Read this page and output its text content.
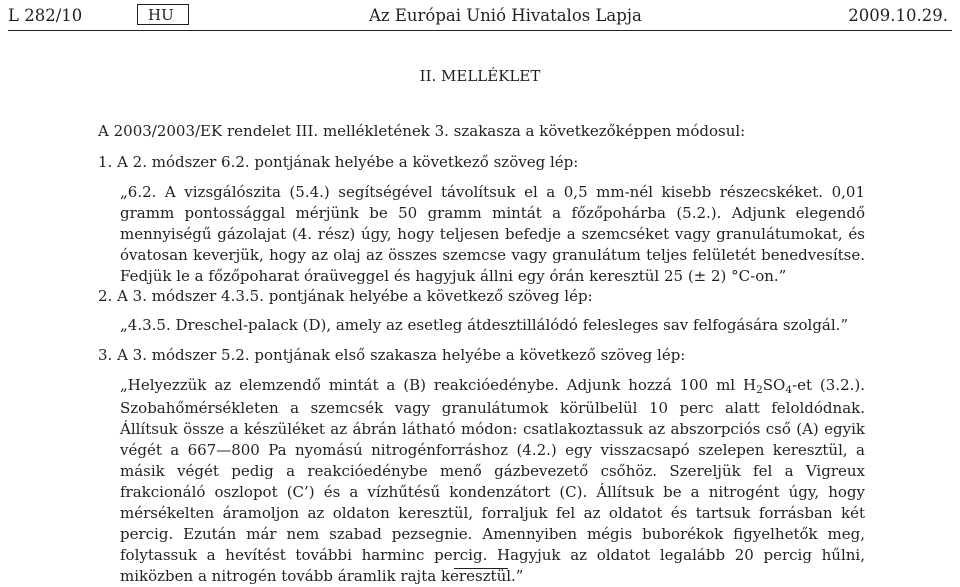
L 282/10	HU	Az Európai Unió Hivatalos Lapja	2009.10.29.
II. MELLÉKLET
A 2003/2003/EK rendelet III. mellékletének 3. szakasza a következőképpen módosul:
1. A 2. módszer 6.2. pontjának helyébe a következő szöveg lép:
„6.2. A vizsgálószita (5.4.) segítségével távolítsuk el a 0,5 mm-nél kisebb részecskéket. 0,01 gramm pontossággal mérjünk be 50 gramm mintát a főzőpohárba (5.2.). Adjunk elegendő mennyiségű gázolajat (4. rész) úgy, hogy teljesen befedje a szemcséket vagy granulátumokat, és óvatosan keverjük, hogy az olaj az összes szemcse vagy granulátum teljes felületét benedvesítse. Fedjük le a főzőpoharat óraüveggel és hagyjuk állni egy órán keresztül 25 (± 2) °C-on.”
2. A 3. módszer 4.3.5. pontjának helyébe a következő szöveg lép:
„4.3.5. Dreschel-palack (D), amely az esetleg átdesztillálódó felesleges sav felfogására szolgál.”
3. A 3. módszer 5.2. pontjának első szakasza helyébe a következő szöveg lép:
„Helyezzük az elemzendő mintát a (B) reakcióedénybe. Adjunk hozzá 100 ml $H_2SO_4-et$ (3.2.). Szobahőmérsékleten a szemcsék vagy granulátumok körülbelül 10 perc alatt feloldódnak. Állítsuk össze a készüléket az ábrán látható módon: csatlakoztassuk az abszorpciós cső (A) egyik végét a 667—800 Pa nyomású nitrogénforráshoz (4.2.) egy visszacsapó szelepen keresztül, a másik végét pedig a reakcióedénybe menő gázbevezető csőhöz. Szereljük fel a Vigreux frakcionáló oszlopot (C’) és a vízhűtésű kondenzátort (C). Állítsuk be a nitrogént úgy, hogy mérsékelten áramoljon az oldaton keresztül, forraljuk fel az oldatot és tartsuk forrásban két percig. Ezután már nem szabad pezsegnie. Amennyiben mégis buborékok figyelhetők meg, folytassuk a hevítést további harminc percig. Hagyjuk az oldatot legalább 20 percig hűlni, miközben a nitrogén tovább áramlik rajta keresztül.”
